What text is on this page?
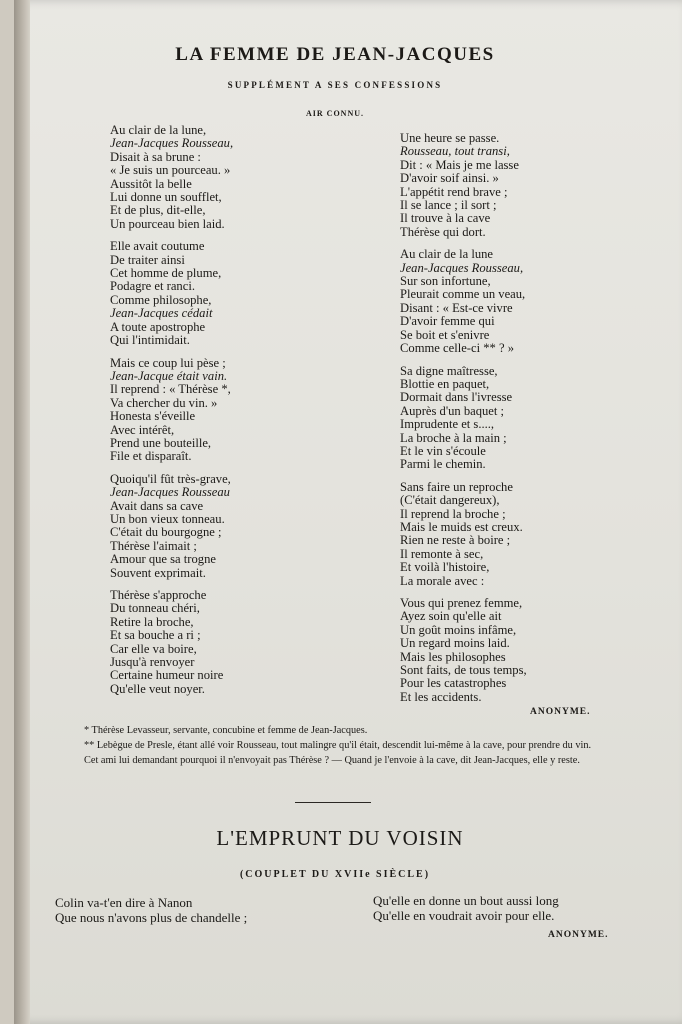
LA FEMME DE JEAN-JACQUES
SUPPLÉMENT A SES CONFESSIONS
AIR CONNU.
Au clair de la lune,
Jean-Jacques Rousseau,
Disait à sa brune :
« Je suis un pourceau. »
Aussitôt la belle
Lui donne un soufflet,
Et de plus, dit-elle,
Un pourceau bien laid.
Elle avait coutume
De traiter ainsi
Cet homme de plume,
Podagre et ranci.
Comme philosophe,
Jean-Jacques cédait
A toute apostrophe
Qui l'intimidait.
Mais ce coup lui pèse ;
Jean-Jacque était vain.
Il reprend : « Thérèse *,
Va chercher du vin. »
Honesta s'éveille
Avec intérêt,
Prend une bouteille,
File et disparaît.
Quoiqu'il fût très-grave,
Jean-Jacques Rousseau
Avait dans sa cave
Un bon vieux tonneau.
C'était du bourgogne ;
Thérèse l'aimait ;
Amour que sa trogne
Souvent exprimait.
Thérèse s'approche
Du tonneau chéri,
Retire la broche,
Et sa bouche a ri ;
Car elle va boire,
Jusqu'à renvoyer
Certaine humeur noire
Qu'elle veut noyer.
Une heure se passe.
Rousseau, tout transi,
Dit : « Mais je me lasse
D'avoir soif ainsi. »
L'appétit rend brave ;
Il se lance ; il sort ;
Il trouve à la cave
Thérèse qui dort.
Au clair de la lune
Jean-Jacques Rousseau,
Sur son infortune,
Pleurait comme un veau,
Disant : « Est-ce vivre
D'avoir femme qui
Se boit et s'enivre
Comme celle-ci ** ? »
Sa digne maîtresse,
Blottie en paquet,
Dormait dans l'ivresse
Auprès d'un baquet ;
Imprudente et s....,
La broche à la main ;
Et le vin s'écoule
Parmi le chemin.
Sans faire un reproche
(C'était dangereux),
Il reprend la broche ;
Mais le muids est creux.
Rien ne reste à boire ;
Il remonte à sec,
Et voilà l'histoire,
La morale avec :
Vous qui prenez femme,
Ayez soin qu'elle ait
Un goût moins infâme,
Un regard moins laid.
Mais les philosophes
Sont faits, de tous temps,
Pour les catastrophes
Et les accidents.
ANONYME.

* Thérèse Levasseur, servante, concubine et femme de Jean-Jacques.

** Lebègue de Presle, étant allé voir Rousseau, tout malingre qu'il était, descendit lui-même à la cave, pour prendre du vin. Cet ami lui demandant pourquoi il n'envoyait pas Thérèse ? — Quand je l'envoie à la cave, dit Jean-Jacques, elle y reste.

L'EMPRUNT DU VOISIN
(COUPLET DU XVIIe SIÈCLE)
Colin va-t'en dire à Nanon
Que nous n'avons plus de chandelle ;
Qu'elle en donne un bout aussi long
Qu'elle en voudrait avoir pour elle.
ANONYME.
